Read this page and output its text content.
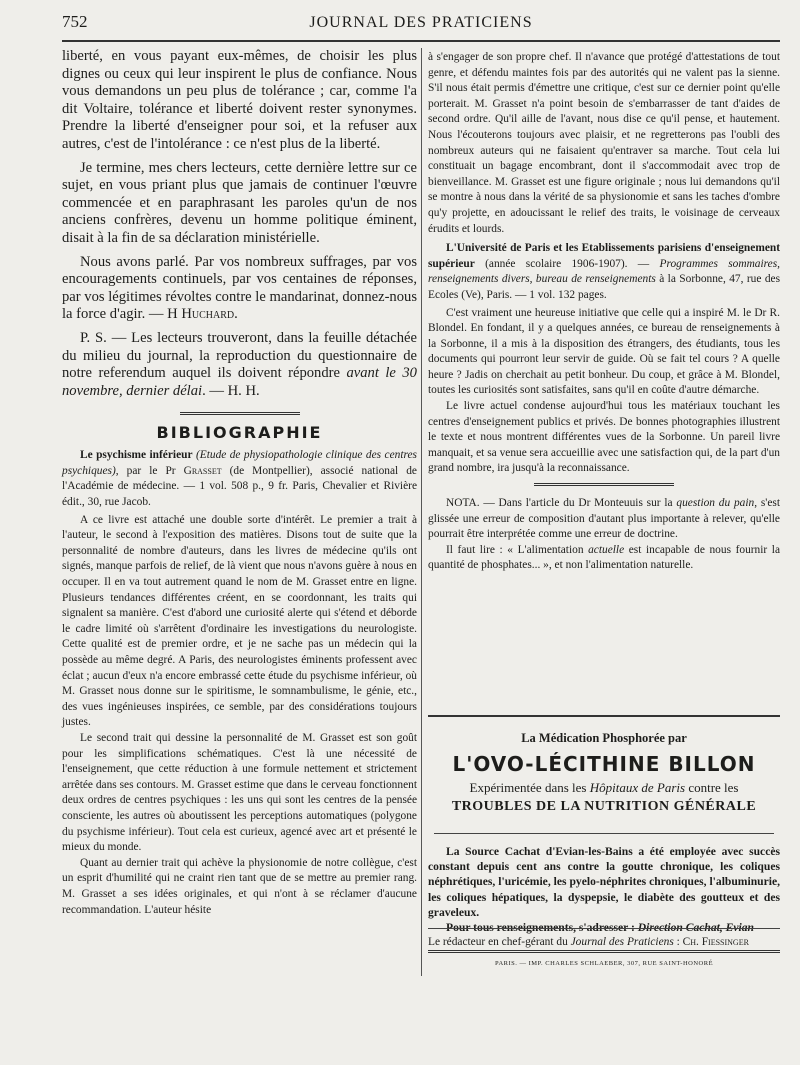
752	JOURNAL DES PRATICIENS

liberté, en vous payant eux-mêmes, de choisir les plus dignes ou ceux qui leur inspirent le plus de confiance. Nous vous demandons un peu plus de tolérance ; car, comme l'a dit Voltaire, tolérance et liberté doivent rester synonymes. Prendre la liberté d'enseigner pour soi, et la refuser aux autres, c'est de l'intolérance : ce n'est plus de la liberté.

Je termine, mes chers lecteurs, cette dernière lettre sur ce sujet, en vous priant plus que jamais de continuer l'œuvre commencée et en paraphrasant les paroles qu'un de nos anciens confrères, devenu un homme politique éminent, disait à la fin de sa déclaration ministérielle.

Nous avons parlé. Par vos nombreux suffrages, par vos encouragements continuels, par vos centaines de réponses, par vos légitimes révoltes contre le mandarinat, donnez-nous la force d'agir. — H Huchard.

P. S. — Les lecteurs trouveront, dans la feuille détachée du milieu du journal, la reproduction du questionnaire de notre referendum auquel ils doivent répondre avant le 30 novembre, dernier délai. — H. H.

BIBLIOGRAPHIE

Le psychisme inférieur (Etude de physiopathologie clinique des centres psychiques), par le Pr Grasset (de Montpellier), associé national de l'Académie de médecine. — 1 vol. 508 p., 9 fr. Paris, Chevalier et Rivière édit., 30, rue Jacob.

A ce livre est attaché une double sorte d'intérêt. Le premier a trait à l'auteur, le second à l'exposition des matières. Disons tout de suite que la personnalité de nombre d'auteurs, dans les livres de médecine qu'ils ont signés, manque parfois de relief, de là vient que nous n'avons guère à nous en occuper. Il en va tout autrement quand le nom de M. Grasset entre en ligne. Plusieurs tendances différentes créent, en se coordonnant, les traits qui signalent sa manière. C'est d'abord une curiosité alerte qui s'étend et déborde le cadre limité où s'arrêtent d'ordinaire les investigations du neurologiste. Cette qualité est de premier ordre, et je ne sache pas un médecin qui la possède au même degré. A Paris, des neurologistes éminents professent avec éclat ; aucun d'eux n'a encore embrassé cette étude du psychisme inférieur, où M. Grasset nous donne sur le spiritisme, le somnambulisme, le génie, etc., des vues ingénieuses inspirées, ce semble, par des considérations toujours justes.

Le second trait qui dessine la personnalité de M. Grasset est son goût pour les simplifications schématiques. C'est là une nécessité de l'enseignement, que cette réduction à une formule nettement et strictement arrêtée dans ses contours. M. Grasset estime que dans le cerveau fonctionnent deux ordres de centres psychiques : les uns qui sont les centres de la pensée consciente, les autres où aboutissent les perceptions automatiques (polygone du psychisme inférieur). Tout cela est curieux, agencé avec art et présenté le mieux du monde.

Quant au dernier trait qui achève la physionomie de notre collègue, c'est un esprit d'humilité qui ne craint rien tant que de se mettre au premier rang. M. Grasset a ses idées originales, et qui n'ont à se réclamer d'aucune recommandation. L'auteur hésite

à s'engager de son propre chef. Il n'avance que protégé d'attestations de tout genre, et défendu maintes fois par des autorités qui ne valent pas la sienne. S'il nous était permis d'émettre une critique, c'est sur ce dernier point qu'elle porterait. M. Grasset n'a point besoin de s'embarrasser de tant d'aides de second ordre. Qu'il aille de l'avant, nous dise ce qu'il pense, et hautement. Nous l'écouterons toujours avec plaisir, et ne regretterons pas l'oubli des nombreux auteurs qui ne faisaient qu'entraver sa marche. Tout cela lui constituait un bagage encombrant, dont il s'accommodait avec trop de bienveillance. M. Grasset est une figure originale ; nous lui demandons qu'il se montre à nous dans la vérité de sa physionomie et sans les taches d'ombre qu'y projette, en adoucissant le relief des traits, le voisinage de cerveaux érudits et lourds.

L'Université de Paris et les Etablissements parisiens d'enseignement supérieur (année scolaire 1906-1907). — Programmes sommaires, renseignements divers, bureau de renseignements à la Sorbonne, 47, rue des Ecoles (Ve), Paris. — 1 vol. 132 pages.

C'est vraiment une heureuse initiative que celle qui a inspiré M. le Dr R. Blondel. En fondant, il y a quelques années, ce bureau de renseignements à la Sorbonne, il a mis à la disposition des étrangers, des étudiants, tous les documents qui pourront leur servir de guide. Où se fait tel cours ? A quelle heure ? Jadis on cherchait au petit bonheur. Du coup, et grâce à M. Blondel, toutes les curiosités sont satisfaites, sans qu'il en coûte d'autre démarche.

Le livre actuel condense aujourd'hui tous les matériaux touchant les centres d'enseignement publics et privés. De bonnes photographies illustrent le texte et nous montrent différentes vues de la Sorbonne. Un pareil livre manquait, et sa venue sera accueillie avec une satisfaction qui, de la part d'un grand nombre, ira jusqu'à la reconnaissance.

NOTA. — Dans l'article du Dr Monteuuis sur la question du pain, s'est glissée une erreur de composition d'autant plus importante à relever, qu'elle pourrait être interprétée comme une erreur de doctrine.

Il faut lire : « L'alimentation actuelle est incapable de nous fournir la quantité de phosphates... », et non l'alimentation naturelle.

La Médication Phosphorée par
L'OVO-LÉCITHINE BILLON
Expérimentée dans les Hôpitaux de Paris contre les
TROUBLES DE LA NUTRITION GÉNÉRALE

La Source Cachat d'Evian-les-Bains a été employée avec succès constant depuis cent ans contre la goutte chronique, les coliques néphrétiques, l'uricémie, les pyelo-néphrites chroniques, l'albuminurie, les coliques hépatiques, la dyspepsie, le diabète des goutteux et des graveleux.

Pour tous renseignements, s'adresser : Direction Cachat, Evian

Le rédacteur en chef-gérant du Journal des Praticiens : Ch. Fiessinger
PARIS. — IMP. CHARLES SCHLAEBER, 307, RUE SAINT-HONORÉ
